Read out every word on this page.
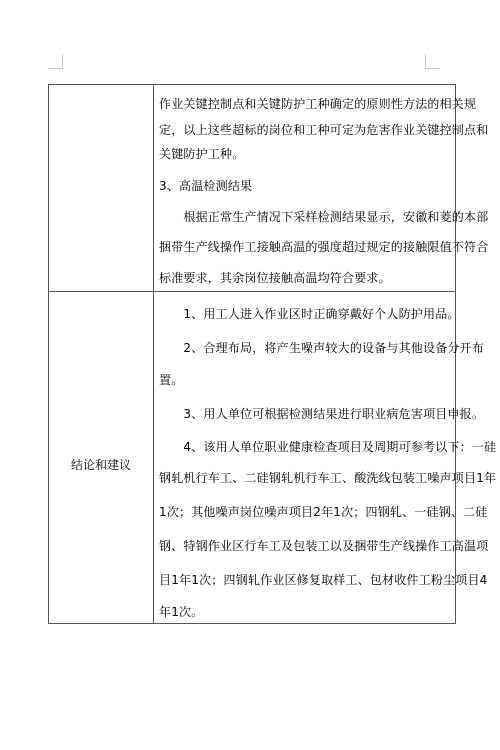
作业关键控制点和关键防护工种确定的原则性方法的相关规
定，以上这些超标的岗位和工种可定为危害作业关键控制点和
关键防护工种。
3、高温检测结果
　　根据正常生产情况下采样检测结果显示，安徽和菱的本部
捆带生产线操作工接触高温的强度超过规定的接触限值不符合
标准要求，其余岗位接触高温均符合要求。
结论和建议
　　1、用工人进入作业区时正确穿戴好个人防护用品。
　　2、合理布局，将产生噪声较大的设备与其他设备分开布
置。
　　3、用人单位可根据检测结果进行职业病危害项目申报。
　　4、该用人单位职业健康检查项目及周期可参考以下：一硅
钢轧机行车工、二硅钢轧机行车工、酸洗线包装工噪声项目1年
1次；其他噪声岗位噪声项目2年1次；四钢轧、一硅钢、二硅
钢、特钢作业区行车工及包装工以及捆带生产线操作工高温项
目1年1次；四钢轧作业区修复取样工、包材收件工粉尘项目4
年1次。
